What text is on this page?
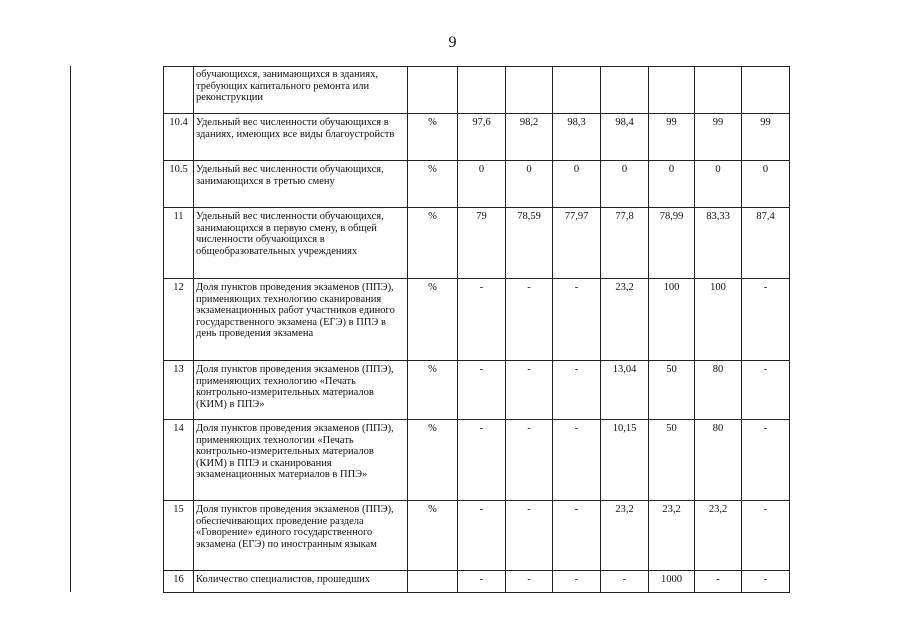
9
	обучающихся, занимающихся в зданиях, требующих капитального ремонта или реконструкции								
10.4	Удельный вес численности обучающихся в зданиях, имеющих все виды благоустройств	%	97,6	98,2	98,3	98,4	99	99	99
10.5	Удельный вес численности обучающихся, занимающихся в третью смену	%	0	0	0	0	0	0	0
11	Удельный вес численности обучающихся, занимающихся в первую смену, в общей численности обучающихся в общеобразовательных учреждениях	%	79	78,59	77,97	77,8	78,99	83,33	87,4
12	Доля пунктов проведения экзаменов (ППЭ), применяющих технологию сканирования экзаменационных работ участников единого государственного экзамена (ЕГЭ) в ППЭ в день проведения экзамена	%	-	-	-	23,2	100	100	-
13	Доля пунктов проведения экзаменов (ППЭ), применяющих технологию «Печать контрольно-измерительных материалов (КИМ) в ППЭ»	%	-	-	-	13,04	50	80	-
14	Доля пунктов проведения экзаменов (ППЭ), применяющих технологии «Печать контрольно-измерительных материалов (КИМ) в ППЭ и сканирования экзаменационных материалов в ППЭ»	%	-	-	-	10,15	50	80	-
15	Доля пунктов проведения экзаменов (ППЭ), обеспечивающих проведение раздела «Говорение» единого государственного экзамена (ЕГЭ) по иностранным языкам	%	-	-	-	23,2	23,2	23,2	-
16	Количество специалистов, прошедших		-	-	-	-	1000	-	-
